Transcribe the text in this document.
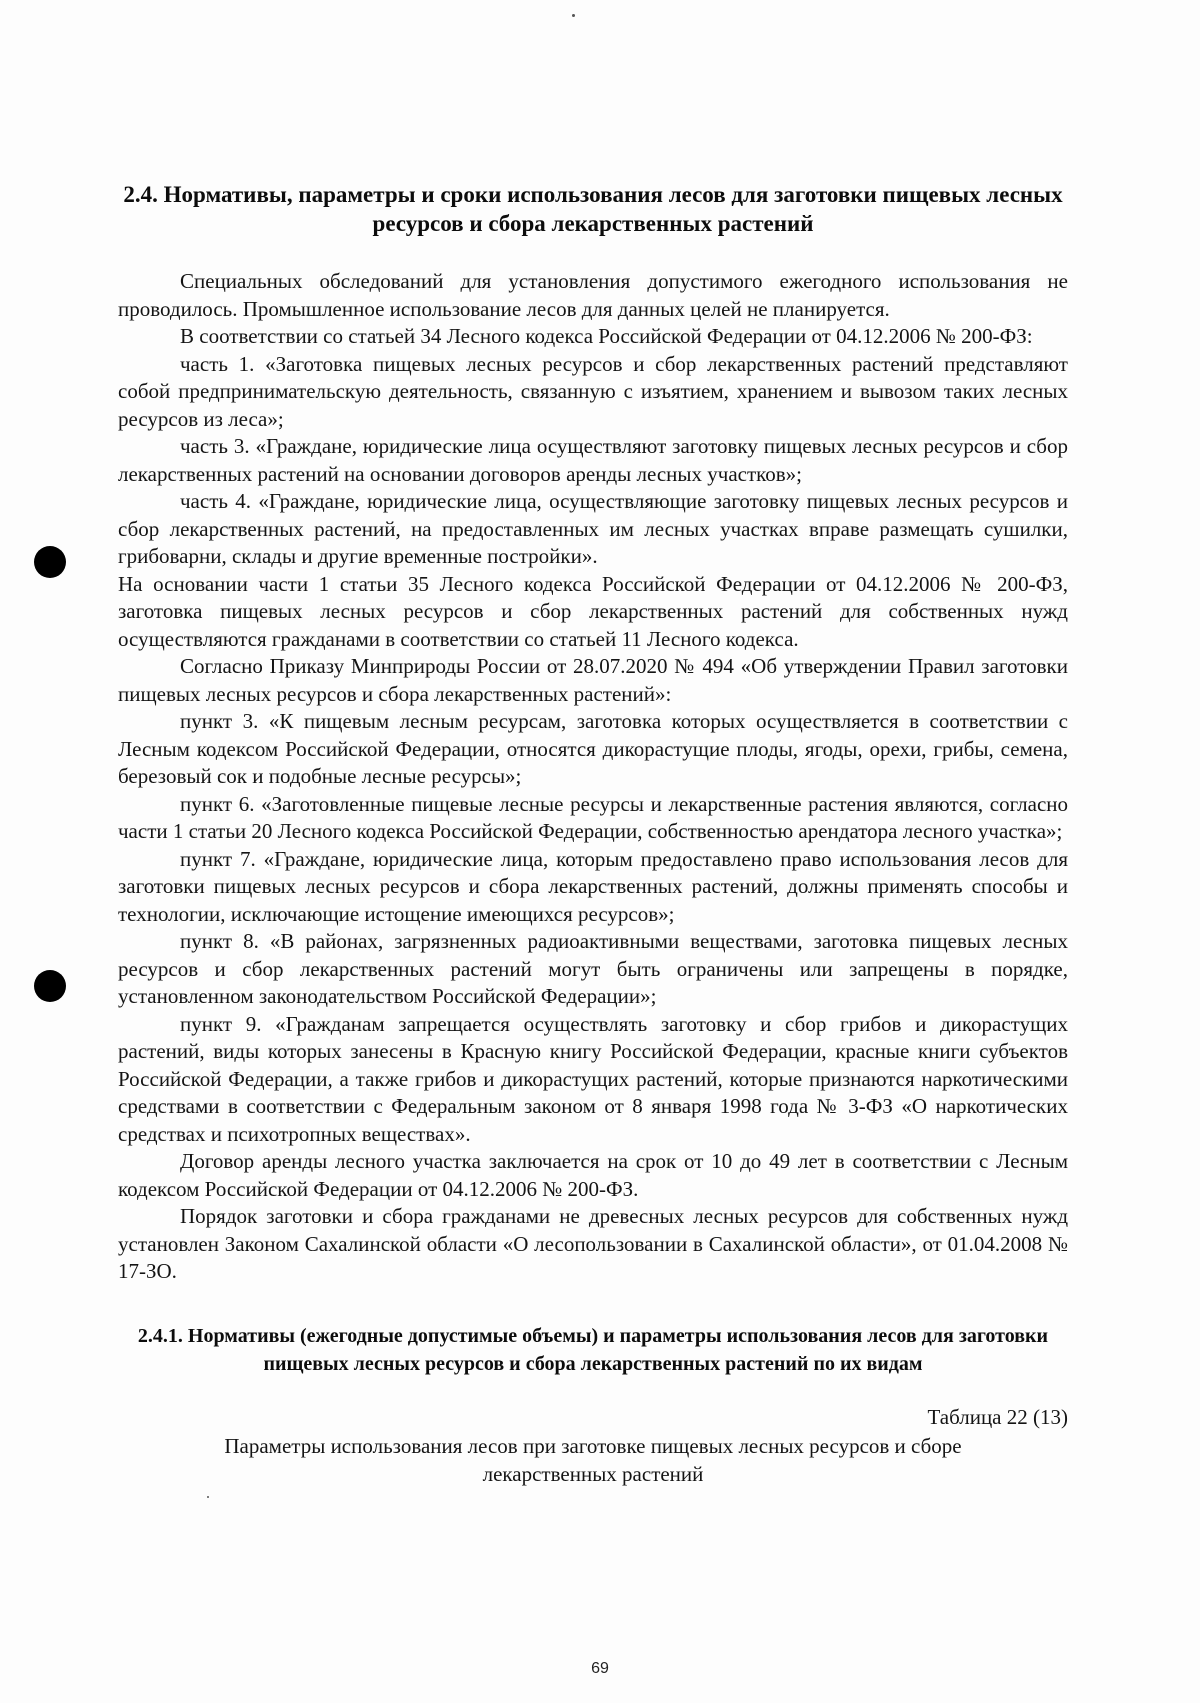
2.4. Нормативы, параметры и сроки использования лесов для заготовки пищевых лесных ресурсов и сбора лекарственных растений

Специальных обследований для установления допустимого ежегодного использования не проводилось. Промышленное использование лесов для данных целей не планируется.

В соответствии со статьей 34 Лесного кодекса Российской Федерации от 04.12.2006 № 200-ФЗ:

часть 1. «Заготовка пищевых лесных ресурсов и сбор лекарственных растений представляют собой предпринимательскую деятельность, связанную с изъятием, хранением и вывозом таких лесных ресурсов из леса»;

часть 3. «Граждане, юридические лица осуществляют заготовку пищевых лесных ресурсов и сбор лекарственных растений на основании договоров аренды лесных участков»;

часть 4. «Граждане, юридические лица, осуществляющие заготовку пищевых лесных ресурсов и сбор лекарственных растений, на предоставленных им лесных участках вправе размещать сушилки, грибоварни, склады и другие временные постройки».

На основании части 1 статьи 35 Лесного кодекса Российской Федерации от 04.12.2006 № 200-ФЗ, заготовка пищевых лесных ресурсов и сбор лекарственных растений для собственных нужд осуществляются гражданами в соответствии со статьей 11 Лесного кодекса.

Согласно Приказу Минприроды России от 28.07.2020 № 494 «Об утверждении Правил заготовки пищевых лесных ресурсов и сбора лекарственных растений»:

пункт 3. «К пищевым лесным ресурсам, заготовка которых осуществляется в соответствии с Лесным кодексом Российской Федерации, относятся дикорастущие плоды, ягоды, орехи, грибы, семена, березовый сок и подобные лесные ресурсы»;

пункт 6. «Заготовленные пищевые лесные ресурсы и лекарственные растения являются, согласно части 1 статьи 20 Лесного кодекса Российской Федерации, собственностью арендатора лесного участка»;

пункт 7. «Граждане, юридические лица, которым предоставлено право использования лесов для заготовки пищевых лесных ресурсов и сбора лекарственных растений, должны применять способы и технологии, исключающие истощение имеющихся ресурсов»;

пункт 8. «В районах, загрязненных радиоактивными веществами, заготовка пищевых лесных ресурсов и сбор лекарственных растений могут быть ограничены или запрещены в порядке, установленном законодательством Российской Федерации»;

пункт 9. «Гражданам запрещается осуществлять заготовку и сбор грибов и дикорастущих растений, виды которых занесены в Красную книгу Российской Федерации, красные книги субъектов Российской Федерации, а также грибов и дикорастущих растений, которые признаются наркотическими средствами в соответствии с Федеральным законом от 8 января 1998 года № 3-ФЗ «О наркотических средствах и психотропных веществах».

Договор аренды лесного участка заключается на срок от 10 до 49 лет в соответствии с Лесным кодексом Российской Федерации от 04.12.2006 № 200-ФЗ.

Порядок заготовки и сбора гражданами не древесных лесных ресурсов для собственных нужд установлен Законом Сахалинской области «О лесопользовании в Сахалинской области», от 01.04.2008 № 17-ЗО.

2.4.1. Нормативы (ежегодные допустимые объемы) и параметры использования лесов для заготовки пищевых лесных ресурсов и сбора лекарственных растений по их видам
Таблица 22 (13)
Параметры использования лесов при заготовке пищевых лесных ресурсов и сборе лекарственных растений
69
